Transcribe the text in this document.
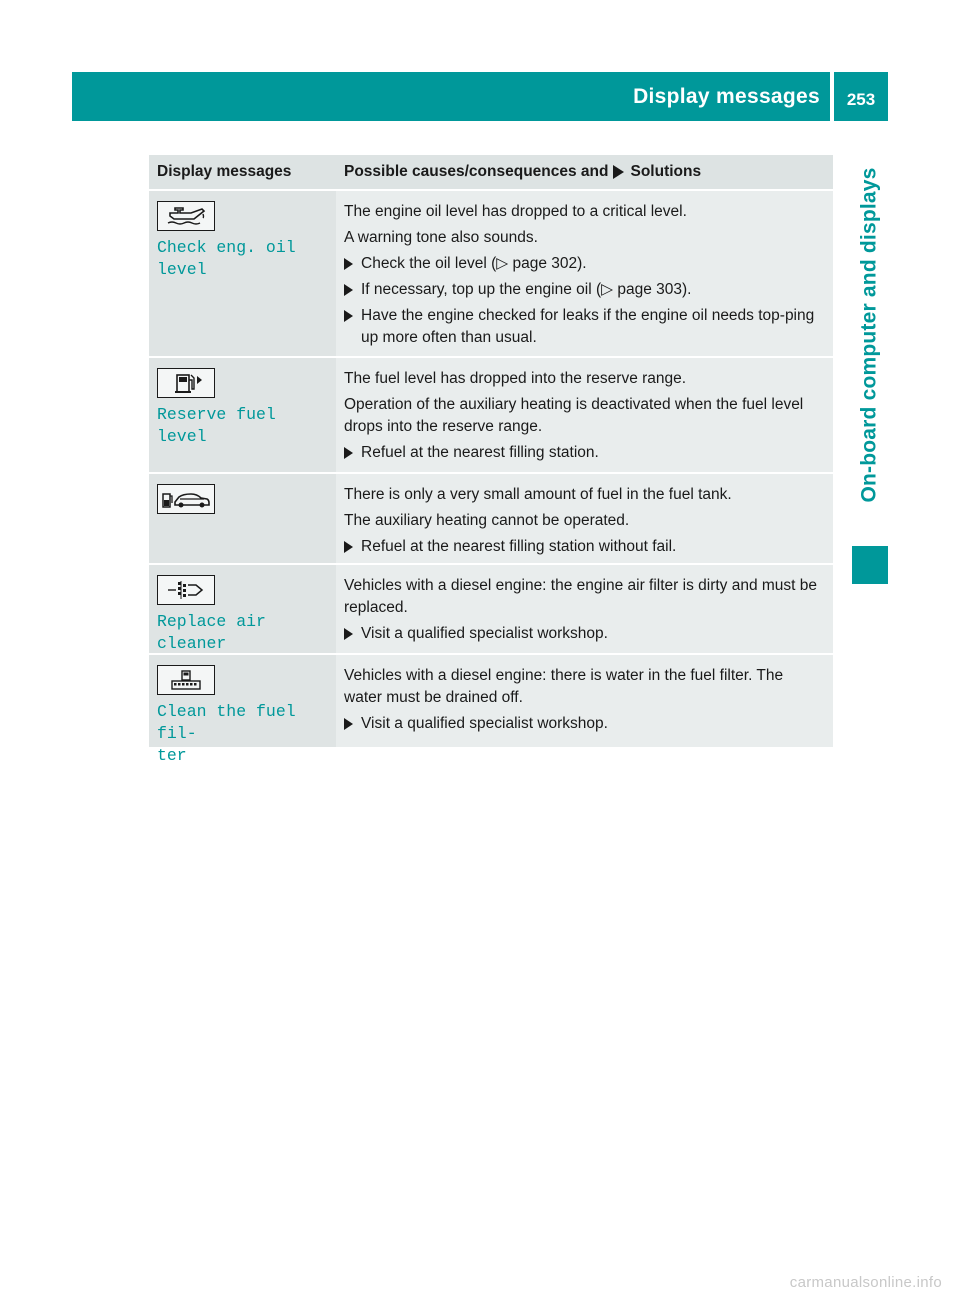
Display messages 253
On-board computer and displays
Display messages	Possible causes/consequences and Solutions
Check eng. oil
level

The engine oil level has dropped to a critical level.

A warning tone also sounds.

Check the oil level (▷ page 302).
If necessary, top up the engine oil (▷ page 303).
Have the engine checked for leaks if the engine oil needs top-ping up more often than usual.
Reserve fuel level

The fuel level has dropped into the reserve range.

Operation of the auxiliary heating is deactivated when the fuel level drops into the reserve range.

Refuel at the nearest filling station.

There is only a very small amount of fuel in the fuel tank.

The auxiliary heating cannot be operated.

Refuel at the nearest filling station without fail.
Replace air cleaner

Vehicles with a diesel engine: the engine air filter is dirty and must be replaced.

Visit a qualified specialist workshop.
Clean the fuel fil‐
ter

Vehicles with a diesel engine: there is water in the fuel filter. The water must be drained off.

Visit a qualified specialist workshop.
carmanualsonline.info
